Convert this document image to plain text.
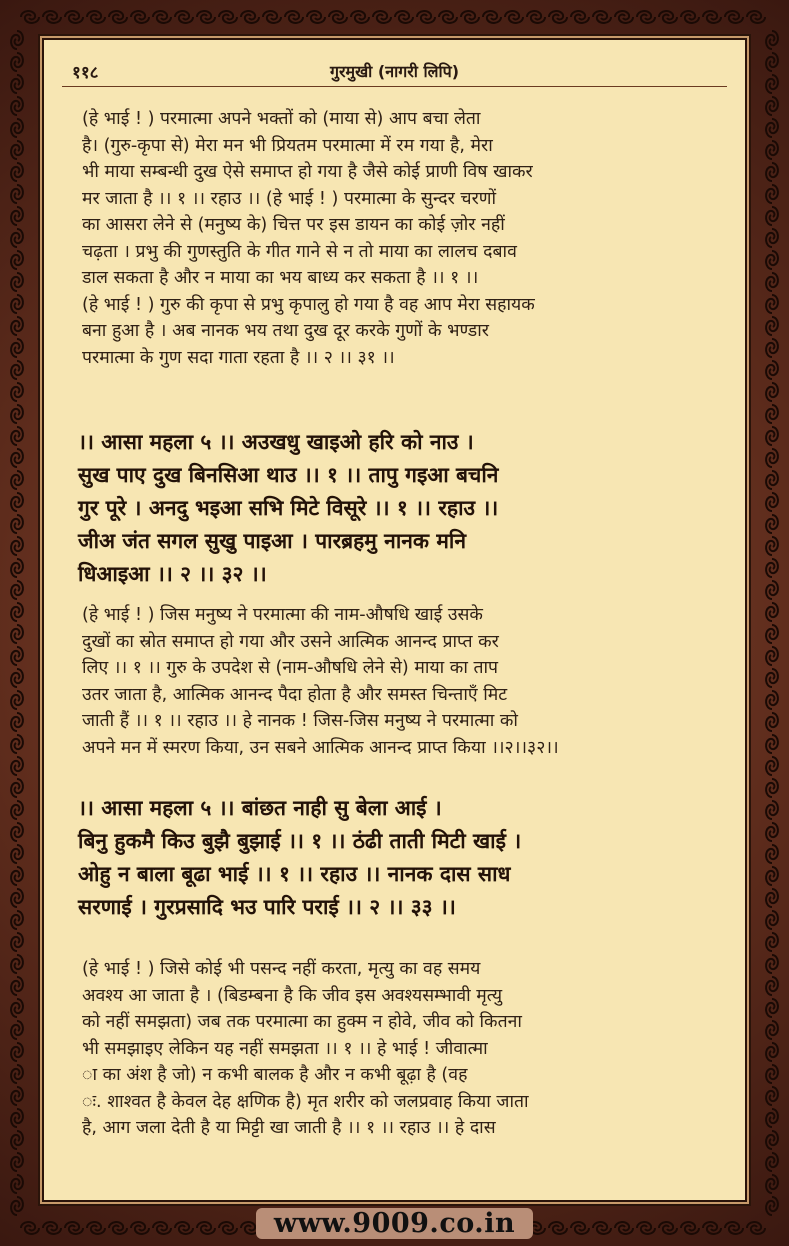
११८	गुरमुखी (नागरी लिपि)
(हे भाई ! ) परमात्मा अपने भक्तों को (माया से) आप बचा लेता
है। (गुरु-कृपा से) मेरा मन भी प्रियतम परमात्मा में रम गया है, मेरा
भी माया सम्बन्धी दुख ऐसे समाप्त हो गया है जैसे कोई प्राणी विष खाकर
मर जाता है ।। १ ।। रहाउ ।। (हे भाई ! ) परमात्मा के सुन्दर चरणों
का आसरा लेने से (मनुष्य के) चित्त पर इस डायन का कोई ज़ोर नहीं
चढ़ता । प्रभु की गुणस्तुति के गीत गाने से न तो माया का लालच दबाव
डाल सकता है और न माया का भय बाध्य कर सकता है ।। १ ।।
(हे भाई ! ) गुरु की कृपा से प्रभु कृपालु हो गया है वह आप मेरा सहायक
बना हुआ है । अब नानक भय तथा दुख दूर करके गुणों के भण्डार
परमात्मा के गुण सदा गाता रहता है ।। २ ।। ३१ ।।
।। आसा महला ५ ।। अउखधु खाइओ हरि को नाउ ।
सुख पाए दुख बिनसिआ थाउ ।। १ ।। तापु गइआ बचनि
गुर पूरे । अनदु भइआ सभि मिटे विसूरे ।। १ ।। रहाउ ।।
जीअ जंत सगल सुखु पाइआ । पारब्रहमु नानक मनि
धिआइआ ।। २ ।। ३२ ।।
(हे भाई ! ) जिस मनुष्य ने परमात्मा की नाम-औषधि खाई उसके
दुखों का स्रोत समाप्त हो गया और उसने आत्मिक आनन्द प्राप्त कर
लिए ।। १ ।। गुरु के उपदेश से (नाम-औषधि लेने से) माया का ताप
उतर जाता है, आत्मिक आनन्द पैदा होता है और समस्त चिन्ताएँ मिट
जाती हैं ।। १ ।। रहाउ ।। हे नानक ! जिस-जिस मनुष्य ने परमात्मा को
अपने मन में स्मरण किया, उन सबने आत्मिक आनन्द प्राप्त किया ।।२।।३२।।
।। आसा महला ५ ।। बांछत नाही सु बेला आई ।
बिनु हुकमै किउ बुझै बुझाई ।। १ ।। ठंढी ताती मिटी खाई ।
ओहु न बाला बूढा भाई ।। १ ।। रहाउ ।। नानक दास साध
सरणाई । गुरप्रसादि भउ पारि पराई ।। २ ।। ३३ ।।
(हे भाई ! ) जिसे कोई भी पसन्द नहीं करता, मृत्यु का वह समय
अवश्य आ जाता है । (बिडम्बना है कि जीव इस अवश्यसम्भावी मृत्यु
को नहीं समझता) जब तक परमात्मा का हुक्म न होवे, जीव को कितना
भी समझाइए लेकिन यह नहीं समझता ।। १ ।। हे भाई ! जीवात्मा
ा का अंश है जो) न कभी बालक है और न कभी बूढ़ा है (वह
ः. शाश्वत है केवल देह क्षणिक है) मृत शरीर को जलप्रवाह किया जाता
है, आग जला देती है या मिट्टी खा जाती है ।। १ ।। रहाउ ।। हे दास
www.9009.co.in
